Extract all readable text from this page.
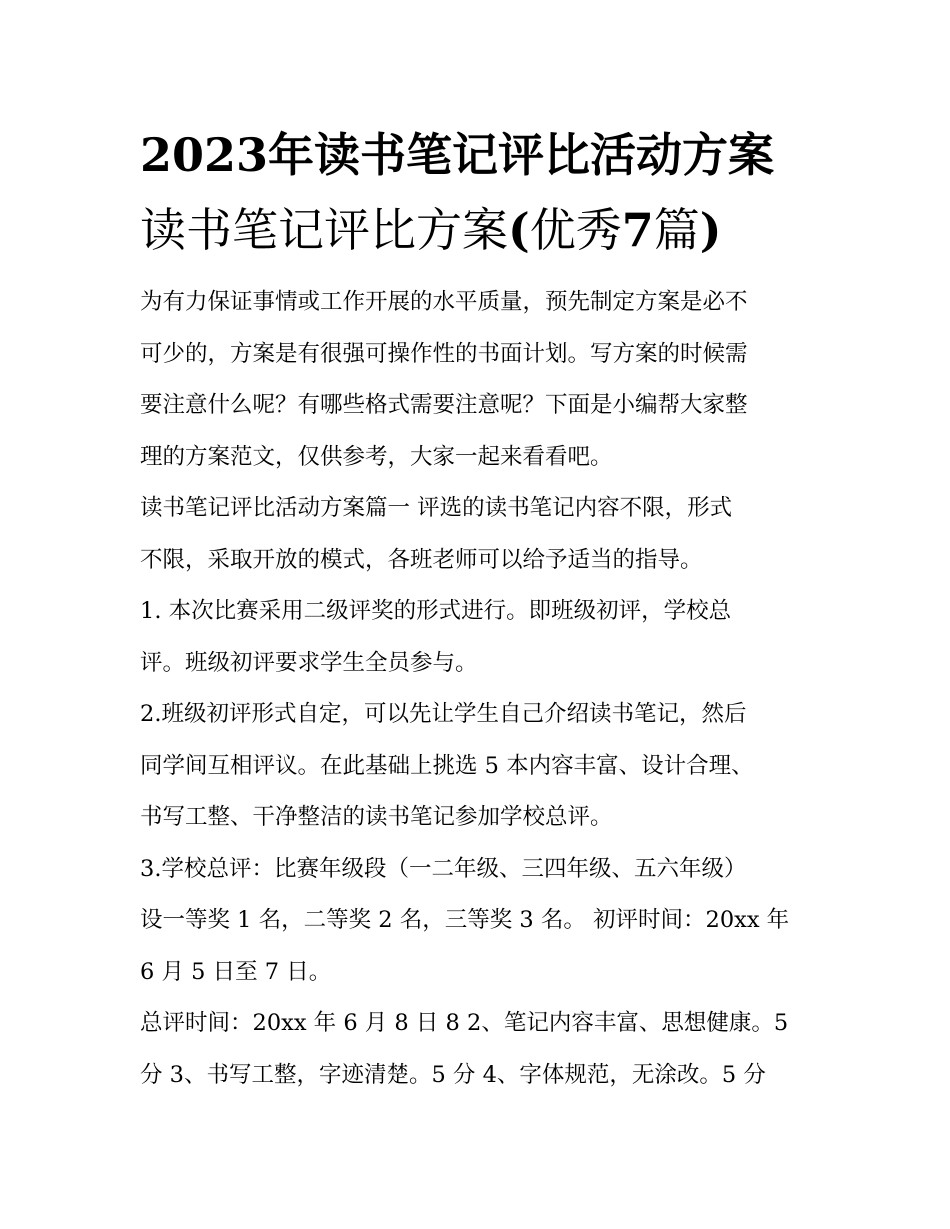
2023年读书笔记评比活动方案
读书笔记评比方案(优秀7篇)
为有力保证事情或工作开展的水平质量，预先制定方案是必不
可少的，方案是有很强可操作性的书面计划。写方案的时候需
要注意什么呢？有哪些格式需要注意呢？下面是小编帮大家整
理的方案范文，仅供参考，大家一起来看看吧。
读书笔记评比活动方案篇一 评选的读书笔记内容不限，形式
不限，采取开放的模式，各班老师可以给予适当的指导。
1. 本次比赛采用二级评奖的形式进行。即班级初评，学校总
评。班级初评要求学生全员参与。
2.班级初评形式自定，可以先让学生自己介绍读书笔记，然后
同学间互相评议。在此基础上挑选 5 本内容丰富、设计合理、
书写工整、干净整洁的读书笔记参加学校总评。
3.学校总评：比赛年级段（一二年级、三四年级、五六年级）
设一等奖 1 名，二等奖 2 名，三等奖 3 名。 初评时间：20xx 年
6 月 5 日至 7 日。
总评时间：20xx 年 6 月 8 日 8 2、笔记内容丰富、思想健康。5
分 3、书写工整，字迹清楚。5 分 4、字体规范，无涂改。5 分
